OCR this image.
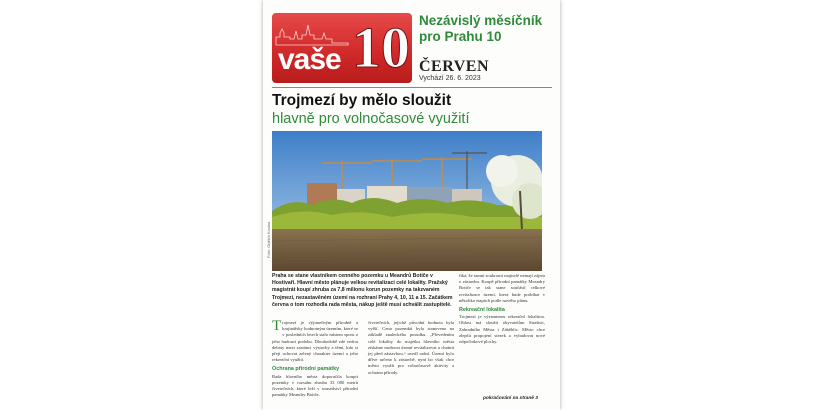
vaše 10 Nezávislý měsíčník pro Prahu 10
ČERVEN
Vychází 26. 6. 2023
Trojmezí by mělo sloužit
hlavně pro volnočasové využití
Foto: Oldřich Kosina
Praha se stane vlastníkem cenného pozemku u Meandrů Botiče v Hostivaři. Hlavní město plánuje velkou revitalizaci celé lokality. Pražský magistrát koupí zhruba za 7,8 milionu korun pozemky na takzvaném Trojmezí, nezastavěném území na rozhraní Prahy 4, 10, 11 a 15. Začátkem června o tom rozhodla rada města, nákup ještě musí schválit zastupitelé.
T rojmezí je výjimečným přírodně a krajinářsky hodnotným územím, které se v posledních letech stalo místem sporu o jeho budoucí podobu. Dlouhodobě zde vedou debaty mezi zastánci výstavby a těmi, kdo si přejí uchovat zelený charakter území a jeho rekreační využití.
Ochrana přírodní památky
Rada hlavního města doporučila koupit pozemky v rozsahu zhruba 33 000 metrů čtverečních, které leží v sousedství přírodní památky Meandry Botiče.
čtverečních, jejichž původní hodnota byla vyšší. Cena pozemků byla stanovena na základě znaleckého posudku. „Převedením celé lokality do majetku hlavního města získáme možnost území revitalizovat a chránit jej před zástavbou,“ uvedl radní. Území bylo dříve určeno k zástavbě, nyní ho však chce město využít pro volnočasové aktivity a ochranu přírody.
říká, že tamní soukromí majitelé nemají zájem o zástavbu. Koupě přírodní památky Meandry Botiče se tak stane součástí celkové revitalizace území, která bude probíhat v několika etapách podle nového plánu.
Rekreační lokalita
Trojmezí je významnou rekreační lokalitou. Oblast má sloužit obyvatelům Strašnic, Zahradního Města i Záběhlic. Město chce zlepšit propojení stezek a vybudovat nové odpočinkové plochy.
pokračování na straně 3
